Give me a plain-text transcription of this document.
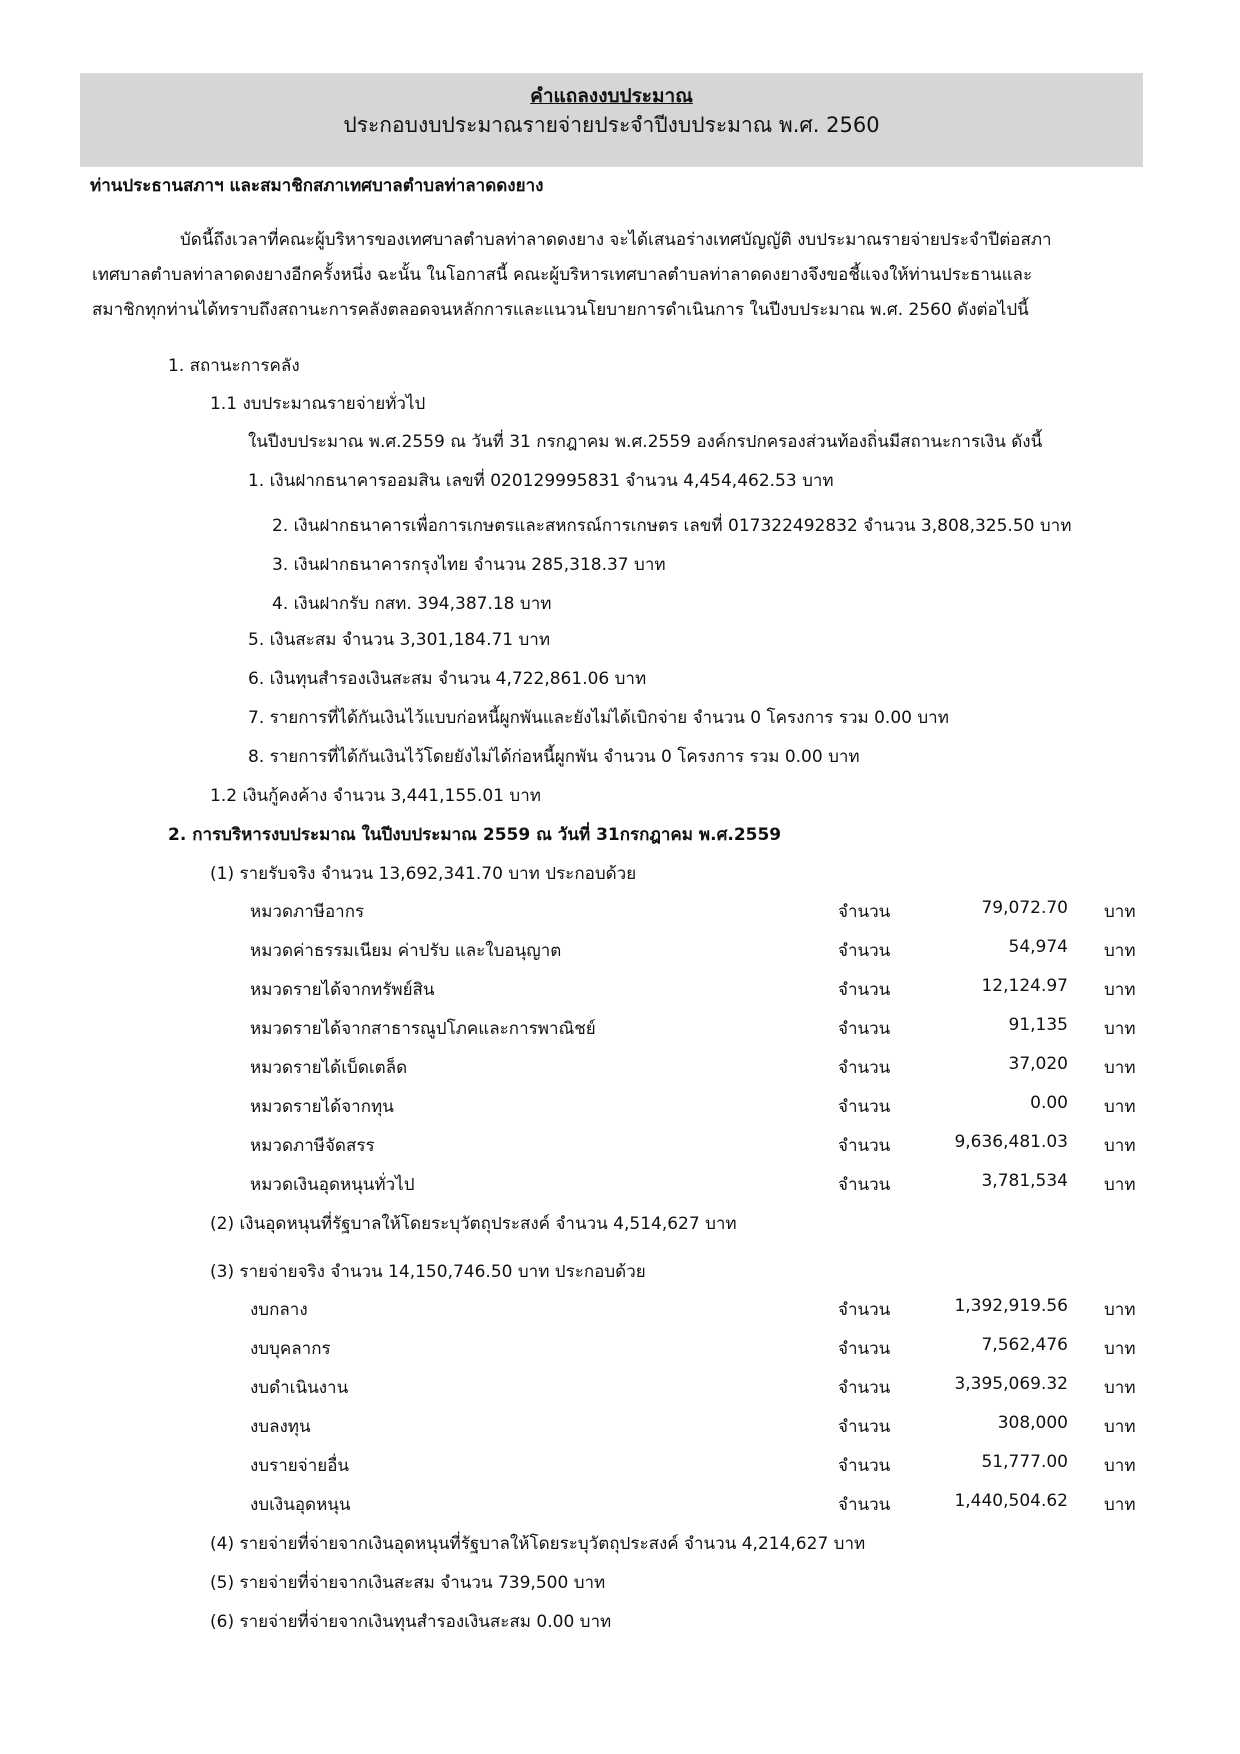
คำแถลงงบประมาณ
ประกอบงบประมาณรายจ่ายประจำปีงบประมาณ พ.ศ. 2560
ท่านประธานสภาฯ และสมาชิกสภาเทศบาลตำบลท่าลาดดงยาง
บัดนี้ถึงเวลาที่คณะผู้บริหารของเทศบาลตำบลท่าลาดดงยาง จะได้เสนอร่างเทศบัญญัติ งบประมาณรายจ่ายประจำปีต่อสภา
เทศบาลตำบลท่าลาดดงยางอีกครั้งหนึ่ง ฉะนั้น ในโอกาสนี้ คณะผู้บริหารเทศบาลตำบลท่าลาดดงยางจึงขอชี้แจงให้ท่านประธานและ
สมาชิกทุกท่านได้ทราบถึงสถานะการคลังตลอดจนหลักการและแนวนโยบายการดำเนินการ ในปีงบประมาณ พ.ศ. 2560 ดังต่อไปนี้
1. สถานะการคลัง
1.1 งบประมาณรายจ่ายทั่วไป
ในปีงบประมาณ พ.ศ.2559 ณ วันที่ 31 กรกฎาคม พ.ศ.2559 องค์กรปกครองส่วนท้องถิ่นมีสถานะการเงิน ดังนี้
1. เงินฝากธนาคารออมสิน เลขที่ 020129995831 จำนวน 4,454,462.53 บาท
2. เงินฝากธนาคารเพื่อการเกษตรและสหกรณ์การเกษตร เลขที่ 017322492832 จำนวน 3,808,325.50 บาท
3. เงินฝากธนาคารกรุงไทย จำนวน 285,318.37 บาท
4. เงินฝากรับ กสท. 394,387.18 บาท
5. เงินสะสม จำนวน 3,301,184.71 บาท
6. เงินทุนสำรองเงินสะสม จำนวน 4,722,861.06 บาท
7. รายการที่ได้กันเงินไว้แบบก่อหนี้ผูกพันและยังไม่ได้เบิกจ่าย จำนวน 0 โครงการ รวม 0.00 บาท
8. รายการที่ได้กันเงินไว้โดยยังไม่ได้ก่อหนี้ผูกพัน จำนวน 0 โครงการ รวม 0.00 บาท
1.2 เงินกู้คงค้าง จำนวน 3,441,155.01 บาท
2. การบริหารงบประมาณ ในปีงบประมาณ 2559 ณ วันที่ 31กรกฎาคม พ.ศ.2559
(1) รายรับจริง จำนวน 13,692,341.70 บาท ประกอบด้วย
หมวดภาษีอากร	จำนวน	79,072.70 บาท
หมวดค่าธรรมเนียม ค่าปรับ และใบอนุญาต	จำนวน	54,974 บาท
หมวดรายได้จากทรัพย์สิน	จำนวน	12,124.97 บาท
หมวดรายได้จากสาธารณูปโภคและการพาณิชย์	จำนวน	91,135 บาท
หมวดรายได้เบ็ดเตล็ด	จำนวน	37,020 บาท
หมวดรายได้จากทุน	จำนวน	0.00 บาท
หมวดภาษีจัดสรร	จำนวน	9,636,481.03 บาท
หมวดเงินอุดหนุนทั่วไป	จำนวน	3,781,534 บาท
(2) เงินอุดหนุนที่รัฐบาลให้โดยระบุวัตถุประสงค์ จำนวน 4,514,627 บาท
(3) รายจ่ายจริง จำนวน 14,150,746.50 บาท ประกอบด้วย
งบกลาง	จำนวน	1,392,919.56 บาท
งบบุคลากร	จำนวน	7,562,476 บาท
งบดำเนินงาน	จำนวน	3,395,069.32 บาท
งบลงทุน	จำนวน	308,000 บาท
งบรายจ่ายอื่น	จำนวน	51,777.00 บาท
งบเงินอุดหนุน	จำนวน	1,440,504.62 บาท
(4) รายจ่ายที่จ่ายจากเงินอุดหนุนที่รัฐบาลให้โดยระบุวัตถุประสงค์ จำนวน 4,214,627 บาท
(5) รายจ่ายที่จ่ายจากเงินสะสม จำนวน 739,500 บาท
(6) รายจ่ายที่จ่ายจากเงินทุนสำรองเงินสะสม 0.00 บาท
